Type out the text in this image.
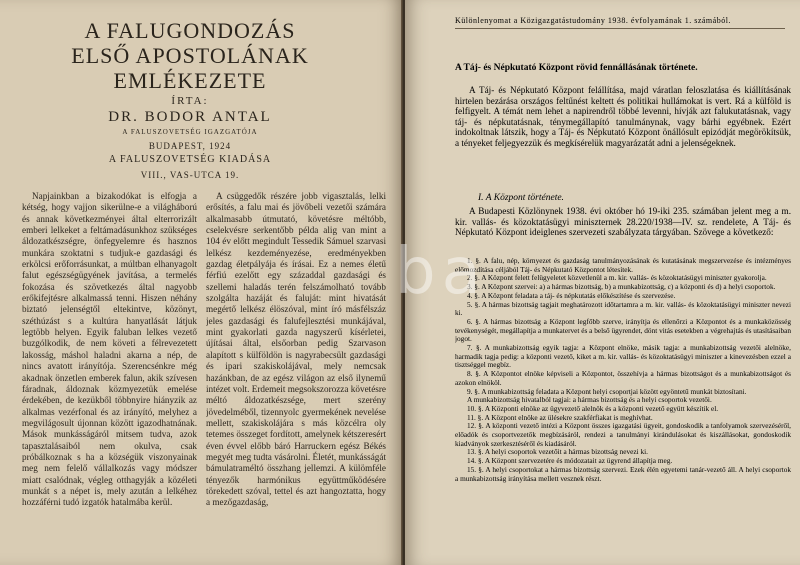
A FALUGONDOZÁS
ELSŐ APOSTOLÁNAK
EMLÉKEZETE
ÍRTA:
DR. BODOR ANTAL
A FALUSZOVETSÉG IGAZGATÓJA
BUDAPEST, 1924
A FALUSZOVETSÉG KIADÁSA
VIII., VAS-UTCA 19.
Napjainkban a bizakodókat is elfogja a kétség, hogy vajjon sikerülne-e a világháború és annak következményei által elterrorizált emberi lelkeket a feltámadásunkhoz szükséges áldozatkészségre, önfegyelemre és hasznos munkára szoktatni s tudjuk-e gazdasági és erkölcsi erőforrásunkat, a múltban elhanyagolt falut egészségügyének javítása, a termelés fokozása és szövetkezés által nagyobb erőkifejtésre alkalmassá tenni. Hiszen néhány biztató jelenségtől eltekintve, közönyt, széthúzást s a kultúra hanyatlását látjuk legtöbb helyen. Egyik faluban lelkes vezető buzgólkodik, de nem követi a félrevezetett lakosság, máshol haladni akarna a nép, de nincs avatott irányítója. Szerencsénkre még akadnak önzetlen emberek falun, akik szívesen fáradnak, áldoznak közmyezetük emelése érdekében, de kezükből többnyire hiányzik az alkalmas vezérfonal és az irányító, melyhez a megvilágosult újonnan között igazodhatnának. Mások munkásságáról mitsem tudva, azok tapasztalásaiból nem okulva, csak próbálkoznak s ha a községük viszonyainak meg nem felelő vállalkozás vagy módszer miatt csalódnak, végleg otthagyják a közéleti munkát s a népet is, mely azután a lelkéhez hozzáférni tudó izgatók hatalmába kerül.
A csüggedők részére jobb vigasztalás, lelki erősítés, a falu mai és jövőbeli vezetői számára alkalmasabb útmutató, követésre méltóbb, cselekvésre serkentőbb példa alig van mint a 104 év előtt megindult Tessedik Sámuel szarvasi lelkész kezdeményezése, eredményekben gazdag életpályája és írásai. Ez a nemes életű férfiú ezelőtt egy századdal gazdasági és szellemi haladás terén felszámolható tovább szolgálta hazáját és faluját: mint hivatását megértő lelkész élöszóval, mint író másfélszáz jeles gazdasági és falufejlesztési munkájával, mint gyakorlati gazda nagyszerű kísérletei, újításai által, elsőorban pedig Szarvason alapított s külföldön is nagyrabecsült gazdasági és ipari szakiskolájával, mely nemcsak hazánkban, de az egész világon az első ilynemű intézet volt. Erdemeit megsokszorozza követésre méltó áldozatkészsége, mert szerény jövedelméből, tizennyolc gyermekének nevelése mellett, szakiskolájára s más közcélra oly tetemes összeget fordított, amelynek kétszeresért éven évvel előbb báró Harruckern egész Békés megyét meg tudta vásárolni. Életét, munkásságát bámulatraméltó összhang jellemzi. A külömféle tényezők harmónikus együttműködésére törekedett szóval, tettel és azt hangoztatta, hogy a mezőgazdaság,
Különlenyomat a Közigazgatástudomány 1938. évfolyamának 1. számából.
A Táj- és Népkutató Központ rövid fennállásának története.
A Táj- és Népkutató Központ felállítása, majd váratlan feloszlatása és kiállításának hirtelen bezárása országos feltűnést keltett és politikai hullámokat is vert. Rá a külföld is felfigyelt. A témát nem lehet a napirendről többé levenni, hívják azt falukutatásnak, vagy táj- és népkutatásnak, ténymegállapító tanulmánynak, vagy bárhi egyébnek. Ezért indokoltnak látszik, hogy a Táj- és Népkutató Központ önállósult epizódját megörökítsük, a tényeket feljegyezzük és megkísérelük magyarázatát adni a jelenségeknek.
I. A Központ története.
A Budapesti Közlönynek 1938. évi október hó 19-iki 235. számában jelent meg a m. kir. vallás- és közoktatásügyi miniszternek 28.220/1938—IV. sz. rendelete, A Táj- és Népkutató Központ ideiglenes szervezeti szabályzata tárgyában. Szövege a következő:

1. §. A falu, nép, környezet és gazdaság tanulmányozásának és kutatásának megszervezése és intézményes előmozdítása céljából Táj- és Népkutató Központot létesítek.

2. §. A Központ felett felügyeletet közvetlenül a m. kir. vallás- és közoktatásügyi miniszter gyakorolja.

3. §. A Központ szervei: a) a hármas bizottság, b) a munkabizottság, c) a központi és d) a helyi csoportok.

4. §. A Központ feladata a táj- és népkutatás előkészítése és szervezése.

5. §. A hármas bizottság tagjait meghatározott időtartamra a m. kir. vallás- és közoktatásügyi miniszter nevezi ki.

6. §. A hármas bizottság a Központ legfőbb szerve, irányítja és ellenőrzi a Központot és a munkaközösség tevékenységét, megállapítja a munkatervet és a belső ügyrendet, dönt vitás esetekben a végrehajtás és utasításaiban jogot.

7. §. A munkabizottság egyik tagja: a Központ elnöke, másik tagja: a munkabizottság vezetői alelnöke, harmadik tagja pedig: a központi vezető, kiket a m. kir. vallás- és közoktatásügyi miniszter a kinevezésben ezzel a tisztséggel megbíz.

8. §. A Központot elnöke képviseli a Központot, összehívja a hármas bizottságot és a munkabizottságot és azokon elnököl.

9. §. A munkabizottság feladata a Központ helyi csoportjai között egyöntetű munkát biztosítani.

A munkabizottság hivatalból tagjai: a hármas bizottság és a helyi csoportok vezetői.

10. §. A Központi elnöke az ügyvezető alelnök és a központi vezető együtt készítik el.

11. §. A Központ elnöke az ülésekre szakférfiakat is meghívhat.

12. §. A központi vezető intézi a Központ összes igazgatási ügyeit, gondoskodik a tanfolyamok szervezéséről, előadók és csoportvezetők megbízásáról, rendezi a tanulmányi kirándulásokat és kiszállásokat, gondoskodik kiadványok szerkesztéséről és kiadásáról.

13. §. A helyi csoportok vezetőit a hármas bizottság nevezi ki.

14. §. A Központ szervezetére és módozatait az ügyrend állapítja meg.

15. §. A helyi csoportokat a hármas bizottság szervezi. Ezek élén egyetemi tanár-vezető áll. A helyi csoportok a munkabizottság irányítása mellett vesznek részt.

ba
